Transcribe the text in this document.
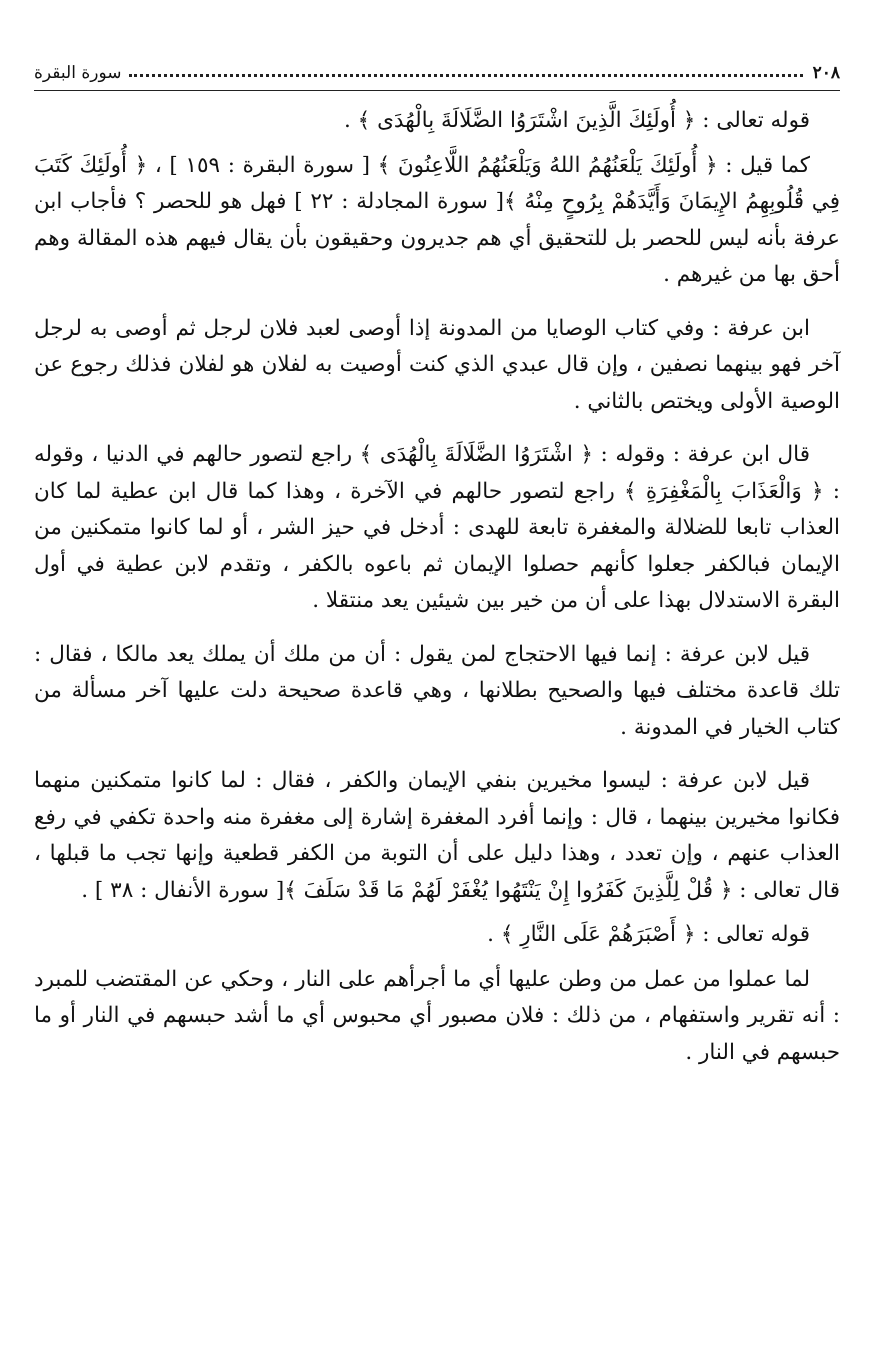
٢٠٨
سورة البقرة

قوله تعالى : ﴿ أُولَئِكَ الَّذِينَ اشْتَرَوُا الضَّلَالَةَ بِالْهُدَى ﴾ .

كما قيل : ﴿ أُولَئِكَ يَلْعَنُهُمُ اللهُ وَيَلْعَنُهُمُ اللَّاعِنُونَ ﴾ [ سورة البقرة : ١٥٩ ] ، ﴿ أُولَئِكَ كَتَبَ فِي قُلُوبِهِمُ الإِيمَانَ وَأَيَّدَهُمْ بِرُوحٍ مِنْهُ ﴾[ سورة المجادلة : ٢٢ ] فهل هو للحصر ؟ فأجاب ابن عرفة بأنه ليس للحصر بل للتحقيق أي هم جديرون وحقيقون بأن يقال فيهم هذه المقالة وهم أحق بها من غيرهم .

ابن عرفة : وفي كتاب الوصايا من المدونة إذا أوصى لعبد فلان لرجل ثم أوصى به لرجل آخر فهو بينهما نصفين ، وإن قال عبدي الذي كنت أوصيت به لفلان هو لفلان فذلك رجوع عن الوصية الأولى ويختص بالثاني .

قال ابن عرفة : وقوله : ﴿ اشْتَرَوُا الضَّلَالَةَ بِالْهُدَى ﴾ راجع لتصور حالهم في الدنيا ، وقوله : ﴿ وَالْعَذَابَ بِالْمَغْفِرَةِ ﴾ راجع لتصور حالهم في الآخرة ، وهذا كما قال ابن عطية لما كان العذاب تابعا للضلالة والمغفرة تابعة للهدى : أدخل في حيز الشر ، أو لما كانوا متمكنين من الإيمان فبالكفر جعلوا كأنهم حصلوا الإيمان ثم باعوه بالكفر ، وتقدم لابن عطية في أول البقرة الاستدلال بهذا على أن من خير بين شيئين يعد منتقلا .

قيل لابن عرفة : إنما فيها الاحتجاج لمن يقول : أن من ملك أن يملك يعد مالكا ، فقال : تلك قاعدة مختلف فيها والصحيح بطلانها ، وهي قاعدة صحيحة دلت عليها آخر مسألة من كتاب الخيار في المدونة .

قيل لابن عرفة : ليسوا مخيرين بنفي الإيمان والكفر ، فقال : لما كانوا متمكنين منهما فكانوا مخيرين بينهما ، قال : وإنما أفرد المغفرة إشارة إلى مغفرة منه واحدة تكفي في رفع العذاب عنهم ، وإن تعدد ، وهذا دليل على أن التوبة من الكفر قطعية وإنها تجب ما قبلها ، قال تعالى : ﴿ قُلْ لِلَّذِينَ كَفَرُوا إِنْ يَنْتَهُوا يُغْفَرْ لَهُمْ مَا قَدْ سَلَفَ ﴾[ سورة الأنفال : ٣٨ ] .

قوله تعالى : ﴿ أَصْبَرَهُمْ عَلَى النَّارِ ﴾ .

لما عملوا من عمل من وطن عليها أي ما أجرأهم على النار ، وحكي عن المقتضب للمبرد : أنه تقرير واستفهام ، من ذلك : فلان مصبور أي محبوس أي ما أشد حبسهم في النار أو ما حبسهم في النار .
